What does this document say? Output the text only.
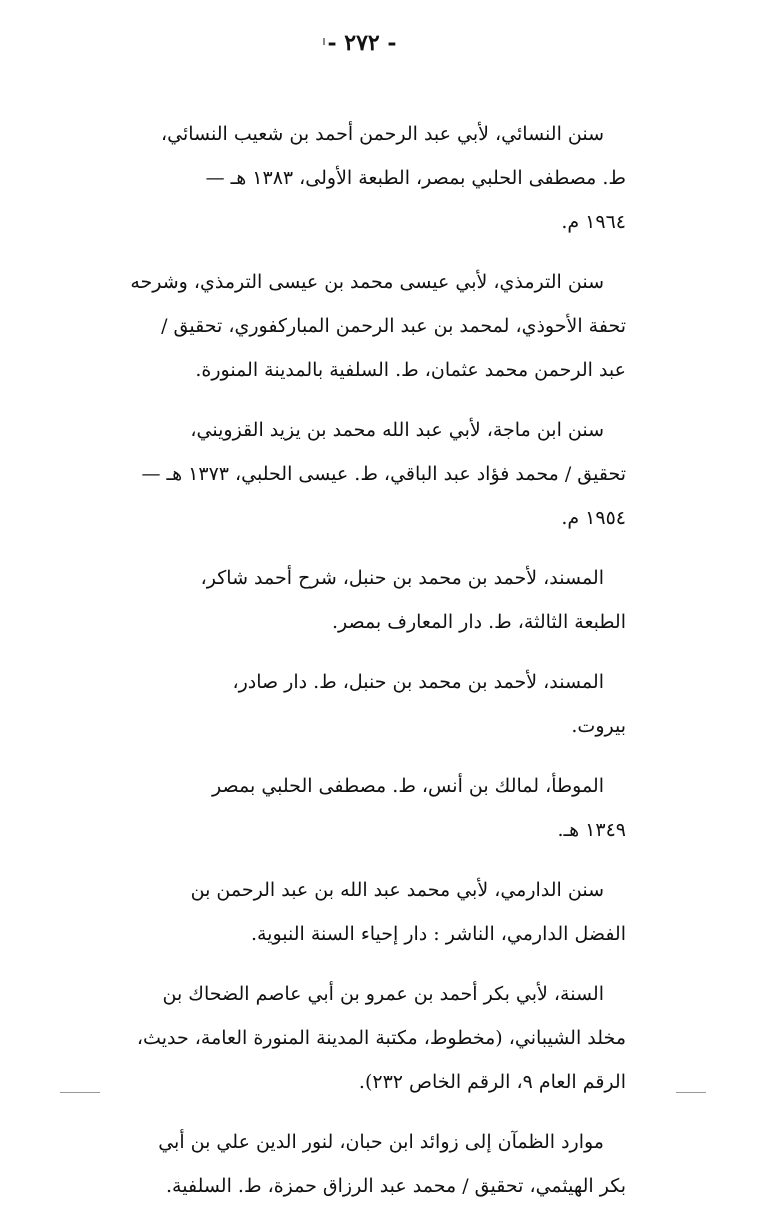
- ٢٧٢ -
سنن النسائي، لأبي عبد الرحمن أحمد بن شعيب النسائي،
ط. مصطفى الحلبي بمصر، الطبعة الأولى، ١٣٨٣ هـ —
١٩٦٤ م.
سنن الترمذي، لأبي عيسى محمد بن عيسى الترمذي، وشرحه
تحفة الأحوذي، لمحمد بن عبد الرحمن المباركفوري، تحقيق /
عبد الرحمن محمد عثمان، ط. السلفية بالمدينة المنورة.
سنن ابن ماجة، لأبي عبد الله محمد بن يزيد القزويني،
تحقيق / محمد فؤاد عبد الباقي، ط. عيسى الحلبي، ١٣٧٣ هـ —
١٩٥٤ م.
المسند، لأحمد بن محمد بن حنبل، شرح أحمد شاكر،
الطبعة الثالثة، ط. دار المعارف بمصر.
المسند، لأحمد بن محمد بن حنبل، ط. دار صادر،
بيروت.
الموطأ، لمالك بن أنس، ط. مصطفى الحلبي بمصر
١٣٤٩ هـ.
سنن الدارمي، لأبي محمد عبد الله بن عبد الرحمن بن
الفضل الدارمي، الناشر : دار إحياء السنة النبوية.
السنة، لأبي بكر أحمد بن عمرو بن أبي عاصم الضحاك بن
مخلد الشيباني، (مخطوط، مكتبة المدينة المنورة العامة، حديث،
الرقم العام ٩، الرقم الخاص ٢٣٢).
موارد الظمآن إلى زوائد ابن حبان، لنور الدين علي بن أبي
بكر الهيثمي، تحقيق / محمد عبد الرزاق حمزة، ط. السلفية.
